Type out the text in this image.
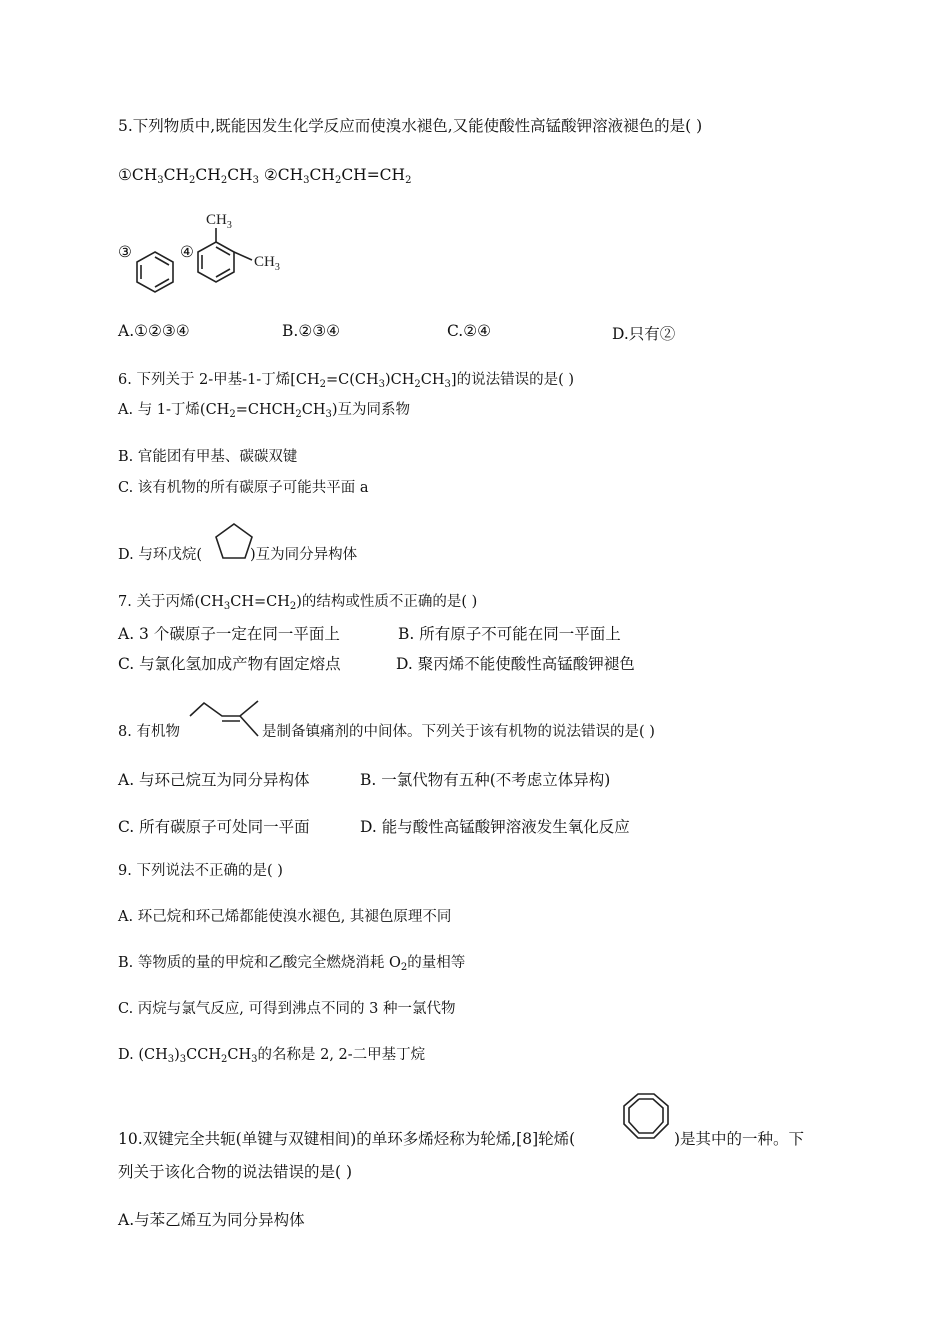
5.下列物质中,既能因发生化学反应而使溴水褪色,又能使酸性高锰酸钾溶液褪色的是( )
$①CH_3CH_2CH_2CH_3$ $②CH_3CH_2CH=CH_2$
③	④
$CH_3$
$CH_3$
A.①②③④	B.②③④	C.②④	D.只有②
6. 下列关于 2-甲基-1-丁烯$[CH_2=C(CH_3)CH_2CH_3]$的说法错误的是( )
A. 与 1-丁烯$(CH_2=CHCH_2CH_3)$互为同系物
B. 官能团有甲基、碳碳双键
C. 该有机物的所有碳原子可能共平面 a
D. 与环戊烷(	)互为同分异构体
7. 关于丙烯$(CH_3CH=CH_2)$的结构或性质不正确的是( )
A. 3 个碳原子一定在同一平面上	B. 所有原子不可能在同一平面上
C. 与氯化氢加成产物有固定熔点	D. 聚丙烯不能使酸性高锰酸钾褪色
8. 有机物	是制备镇痛剂的中间体。下列关于该有机物的说法错误的是( )
A. 与环己烷互为同分异构体	B. 一氯代物有五种(不考虑立体异构)
C. 所有碳原子可处同一平面	D. 能与酸性高锰酸钾溶液发生氧化反应
9. 下列说法不正确的是( )
A. 环己烷和环己烯都能使溴水褪色, 其褪色原理不同
B. 等物质的量的甲烷和乙酸完全燃烧消耗 $O_2$的量相等
C. 丙烷与氯气反应, 可得到沸点不同的 3 种一氯代物
D. $(CH_3)_3CCH_2CH_3$的名称是 2, 2-二甲基丁烷
10.双键完全共轭(单键与双键相间)的单环多烯烃称为轮烯,[8]轮烯(	)是其中的一种。下
列关于该化合物的说法错误的是( )
A.与苯乙烯互为同分异构体
